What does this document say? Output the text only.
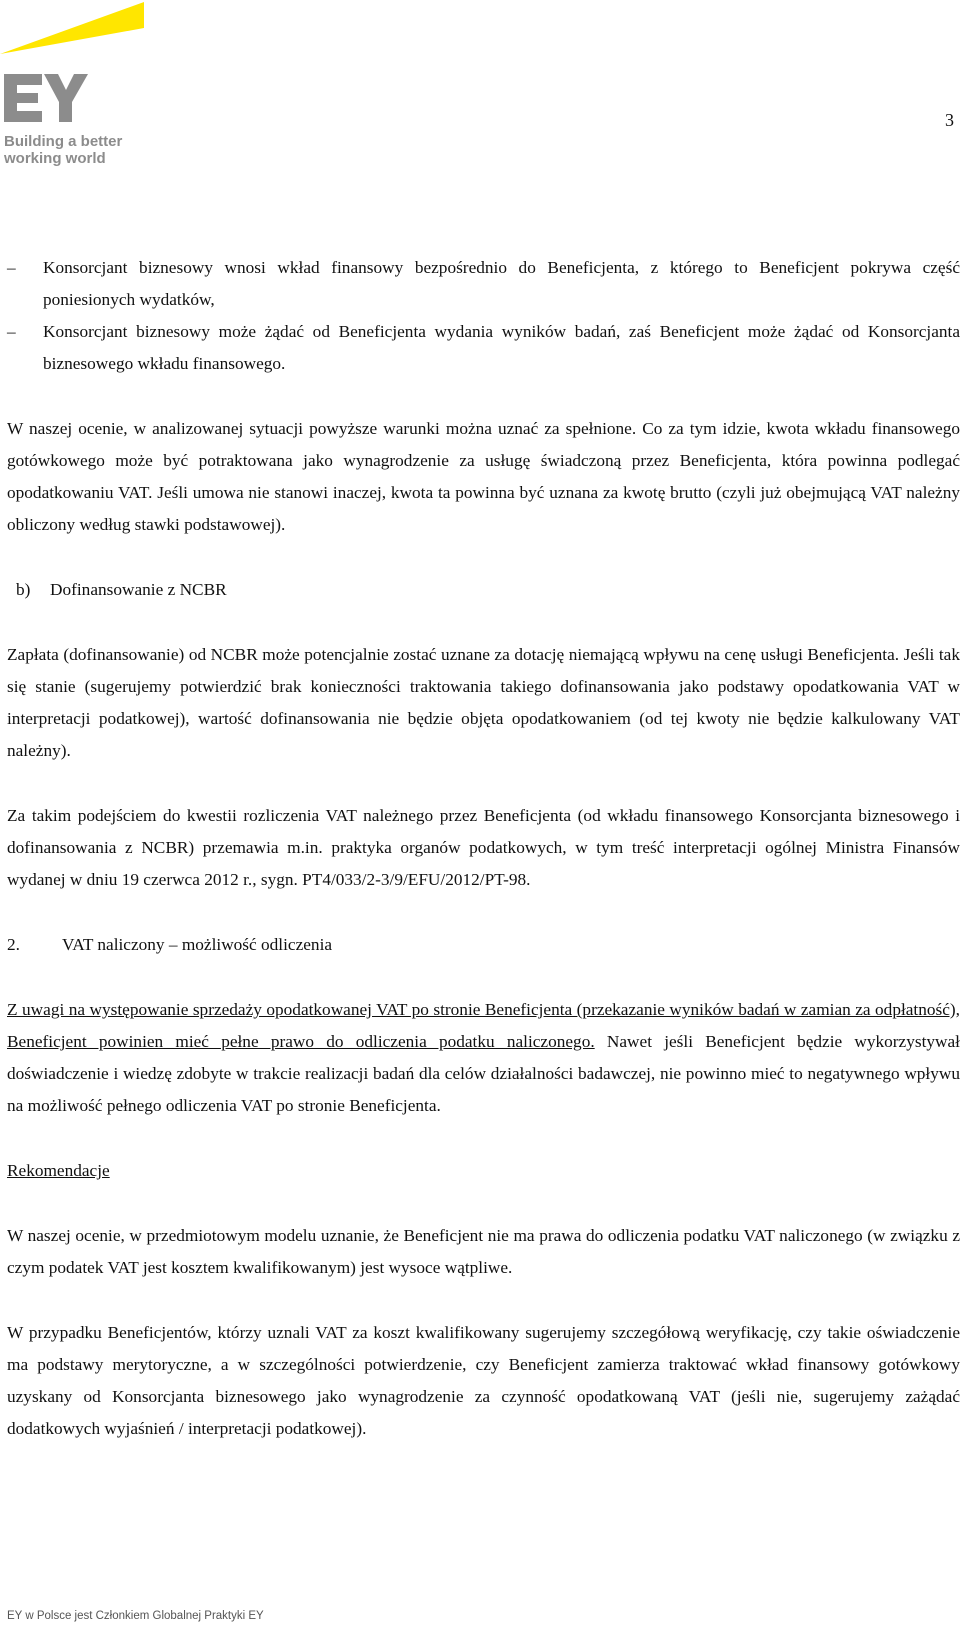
Building a better
working world
3

– Konsorcjant biznesowy wnosi wkład finansowy bezpośrednio do Beneficjenta, z którego to Beneficjent pokrywa część poniesionych wydatków,

– Konsorcjant biznesowy może żądać od Beneficjenta wydania wyników badań, zaś Beneficjent może żądać od Konsorcjanta biznesowego wkładu finansowego.

W naszej ocenie, w analizowanej sytuacji powyższe warunki można uznać za spełnione. Co za tym idzie, kwota wkładu finansowego gotówkowego może być potraktowana jako wynagrodzenie za usługę świadczoną przez Beneficjenta, która powinna podlegać opodatkowaniu VAT. Jeśli umowa nie stanowi inaczej, kwota ta powinna być uznana za kwotę brutto (czyli już obejmującą VAT należny obliczony według stawki podstawowej).

b) Dofinansowanie z NCBR

Zapłata (dofinansowanie) od NCBR może potencjalnie zostać uznane za dotację niemającą wpływu na cenę usługi Beneficjenta. Jeśli tak się stanie (sugerujemy potwierdzić brak konieczności traktowania takiego dofinansowania jako podstawy opodatkowania VAT w interpretacji podatkowej), wartość dofinansowania nie będzie objęta opodatkowaniem (od tej kwoty nie będzie kalkulowany VAT należny).

Za takim podejściem do kwestii rozliczenia VAT należnego przez Beneficjenta (od wkładu finansowego Konsorcjanta biznesowego i dofinansowania z NCBR) przemawia m.in. praktyka organów podatkowych, w tym treść interpretacji ogólnej Ministra Finansów wydanej w dniu 19 czerwca 2012 r., sygn. PT4/033/2-3/9/EFU/2012/PT-98.

2. VAT naliczony – możliwość odliczenia

Z uwagi na występowanie sprzedaży opodatkowanej VAT po stronie Beneficjenta (przekazanie wyników badań w zamian za odpłatność), Beneficjent powinien mieć pełne prawo do odliczenia podatku naliczonego. Nawet jeśli Beneficjent będzie wykorzystywał doświadczenie i wiedzę zdobyte w trakcie realizacji badań dla celów działalności badawczej, nie powinno mieć to negatywnego wpływu na możliwość pełnego odliczenia VAT po stronie Beneficjenta.

Rekomendacje

W naszej ocenie, w przedmiotowym modelu uznanie, że Beneficjent nie ma prawa do odliczenia podatku VAT naliczonego (w związku z czym podatek VAT jest kosztem kwalifikowanym) jest wysoce wątpliwe.

W przypadku Beneficjentów, którzy uznali VAT za koszt kwalifikowany sugerujemy szczegółową weryfikację, czy takie oświadczenie ma podstawy merytoryczne, a w szczególności potwierdzenie, czy Beneficjent zamierza traktować wkład finansowy gotówkowy uzyskany od Konsorcjanta biznesowego jako wynagrodzenie za czynność opodatkowaną VAT (jeśli nie, sugerujemy zażądać dodatkowych wyjaśnień / interpretacji podatkowej).

EY w Polsce jest Członkiem Globalnej Praktyki EY
